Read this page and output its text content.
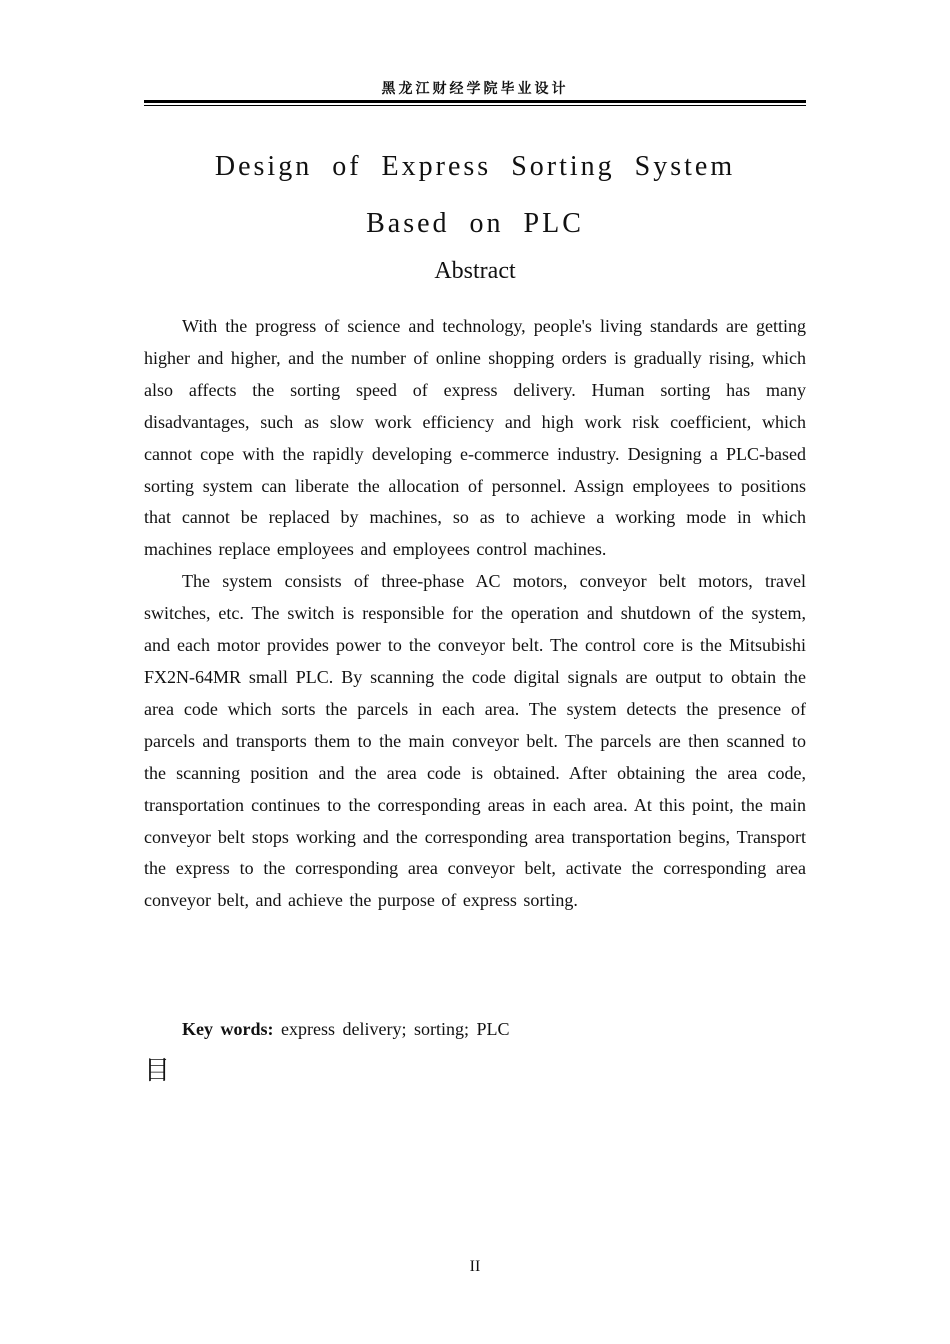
黑龙江财经学院毕业设计
Design of Express Sorting System
Based on PLC
Abstract

With the progress of science and technology, people's living standards are getting higher and higher, and the number of online shopping orders is gradually rising, which also affects the sorting speed of express delivery. Human sorting has many disadvantages, such as slow work efficiency and high work risk coefficient, which cannot cope with the rapidly developing e-commerce industry. Designing a PLC-based sorting system can liberate the allocation of personnel. Assign employees to positions that cannot be replaced by machines, so as to achieve a working mode in which machines replace employees and employees control machines.

The system consists of three-phase AC motors, conveyor belt motors, travel switches, etc. The switch is responsible for the operation and shutdown of the system, and each motor provides power to the conveyor belt. The control core is the Mitsubishi FX2N-64MR small PLC. By scanning the code digital signals are output to obtain the area code which sorts the parcels in each area. The system detects the presence of parcels and transports them to the main conveyor belt. The parcels are then scanned to the scanning position and the area code is obtained. After obtaining the area code, transportation continues to the corresponding areas in each area. At this point, the main conveyor belt stops working and the corresponding area transportation begins, Transport the express to the corresponding area conveyor belt, activate the corresponding area conveyor belt, and achieve the purpose of express sorting.

Key words: express delivery; sorting; PLC
目
II
